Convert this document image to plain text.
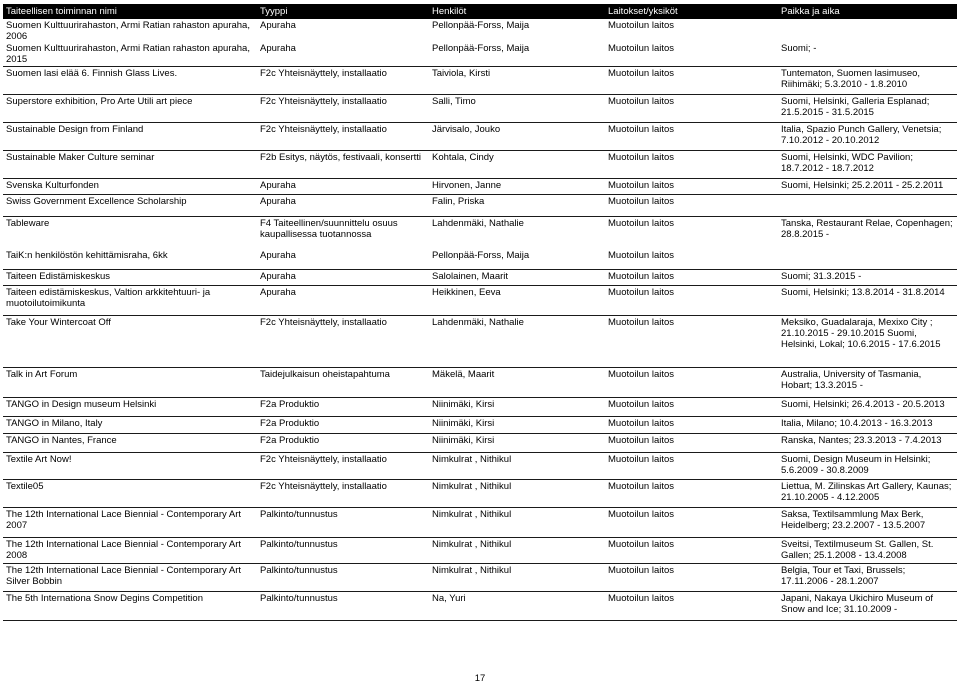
Taiteellisen toiminnan nimi	Tyyppi	Henkilöt	Laitokset/yksiköt	Paikka ja aika
Suomen Kulttuurirahaston, Armi Ratian rahaston apuraha, 2006	Apuraha	Pellonpää-Forss, Maija	Muotoilun laitos	
Suomen Kulttuurirahaston, Armi Ratian rahaston apuraha, 2015	Apuraha	Pellonpää-Forss, Maija	Muotoilun laitos	Suomi; -
Suomen lasi elää 6. Finnish Glass Lives.	F2c Yhteisnäyttely, installaatio	Taiviola, Kirsti	Muotoilun laitos	Tuntematon, Suomen lasimuseo, Riihimäki; 5.3.2010 - 1.8.2010
Superstore exhibition, Pro Arte Utili art piece	F2c Yhteisnäyttely, installaatio	Salli, Timo	Muotoilun laitos	Suomi, Helsinki, Galleria Esplanad; 21.5.2015 - 31.5.2015
Sustainable Design from Finland	F2c Yhteisnäyttely, installaatio	Järvisalo, Jouko	Muotoilun laitos	Italia, Spazio Punch Gallery, Venetsia; 7.10.2012 - 20.10.2012
Sustainable Maker Culture seminar	F2b Esitys, näytös, festivaali, konsertti	Kohtala, Cindy	Muotoilun laitos	Suomi, Helsinki, WDC Pavilion; 18.7.2012 - 18.7.2012
Svenska Kulturfonden	Apuraha	Hirvonen, Janne	Muotoilun laitos	Suomi, Helsinki; 25.2.2011 - 25.2.2011
Swiss Government Excellence Scholarship	Apuraha	Falin, Priska	Muotoilun laitos	
Tableware	F4 Taiteellinen/suunnittelu osuus kaupallisessa tuotannossa	Lahdenmäki, Nathalie	Muotoilun laitos	Tanska, Restaurant Relae, Copenhagen; 28.8.2015 -
TaiK:n henkilöstön kehittämisraha, 6kk	Apuraha	Pellonpää-Forss, Maija	Muotoilun laitos	
Taiteen Edistämiskeskus	Apuraha	Salolainen, Maarit	Muotoilun laitos	Suomi; 31.3.2015 -
Taiteen edistämiskeskus, Valtion arkkitehtuuri- ja muotoilutoimikunta	Apuraha	Heikkinen, Eeva	Muotoilun laitos	Suomi, Helsinki; 13.8.2014 - 31.8.2014
Take Your Wintercoat Off	F2c Yhteisnäyttely, installaatio	Lahdenmäki, Nathalie	Muotoilun laitos	Meksiko, Guadalaraja, Mexixo City ; 21.10.2015 - 29.10.2015 Suomi, Helsinki, Lokal; 10.6.2015 - 17.6.2015
Talk in Art Forum	Taidejulkaisun oheistapahtuma	Mäkelä, Maarit	Muotoilun laitos	Australia, University of Tasmania, Hobart; 13.3.2015 -
TANGO in Design museum Helsinki	F2a Produktio	Niinimäki, Kirsi	Muotoilun laitos	Suomi, Helsinki; 26.4.2013 - 20.5.2013
TANGO in Milano, Italy	F2a Produktio	Niinimäki, Kirsi	Muotoilun laitos	Italia, Milano; 10.4.2013 - 16.3.2013
TANGO in Nantes, France	F2a Produktio	Niinimäki, Kirsi	Muotoilun laitos	Ranska, Nantes; 23.3.2013 - 7.4.2013
Textile Art Now!	F2c Yhteisnäyttely, installaatio	Nimkulrat , Nithikul	Muotoilun laitos	Suomi, Design Museum in Helsinki; 5.6.2009 - 30.8.2009
Textile05	F2c Yhteisnäyttely, installaatio	Nimkulrat , Nithikul	Muotoilun laitos	Liettua, M. Zilinskas Art Gallery, Kaunas; 21.10.2005 - 4.12.2005
The 12th International Lace Biennial - Contemporary Art 2007	Palkinto/tunnustus	Nimkulrat , Nithikul	Muotoilun laitos	Saksa, Textilsammlung Max Berk, Heidelberg; 23.2.2007 - 13.5.2007
The 12th International Lace Biennial - Contemporary Art 2008	Palkinto/tunnustus	Nimkulrat , Nithikul	Muotoilun laitos	Sveitsi, Textilmuseum St. Gallen, St. Gallen; 25.1.2008 - 13.4.2008
The 12th International Lace Biennial - Contemporary Art Silver Bobbin	Palkinto/tunnustus	Nimkulrat , Nithikul	Muotoilun laitos	Belgia, Tour et Taxi, Brussels; 17.11.2006 - 28.1.2007
The 5th Internationa Snow Degins Competition	Palkinto/tunnustus	Na, Yuri	Muotoilun laitos	Japani, Nakaya Ukichiro Museum of Snow and Ice; 31.10.2009 -
17
